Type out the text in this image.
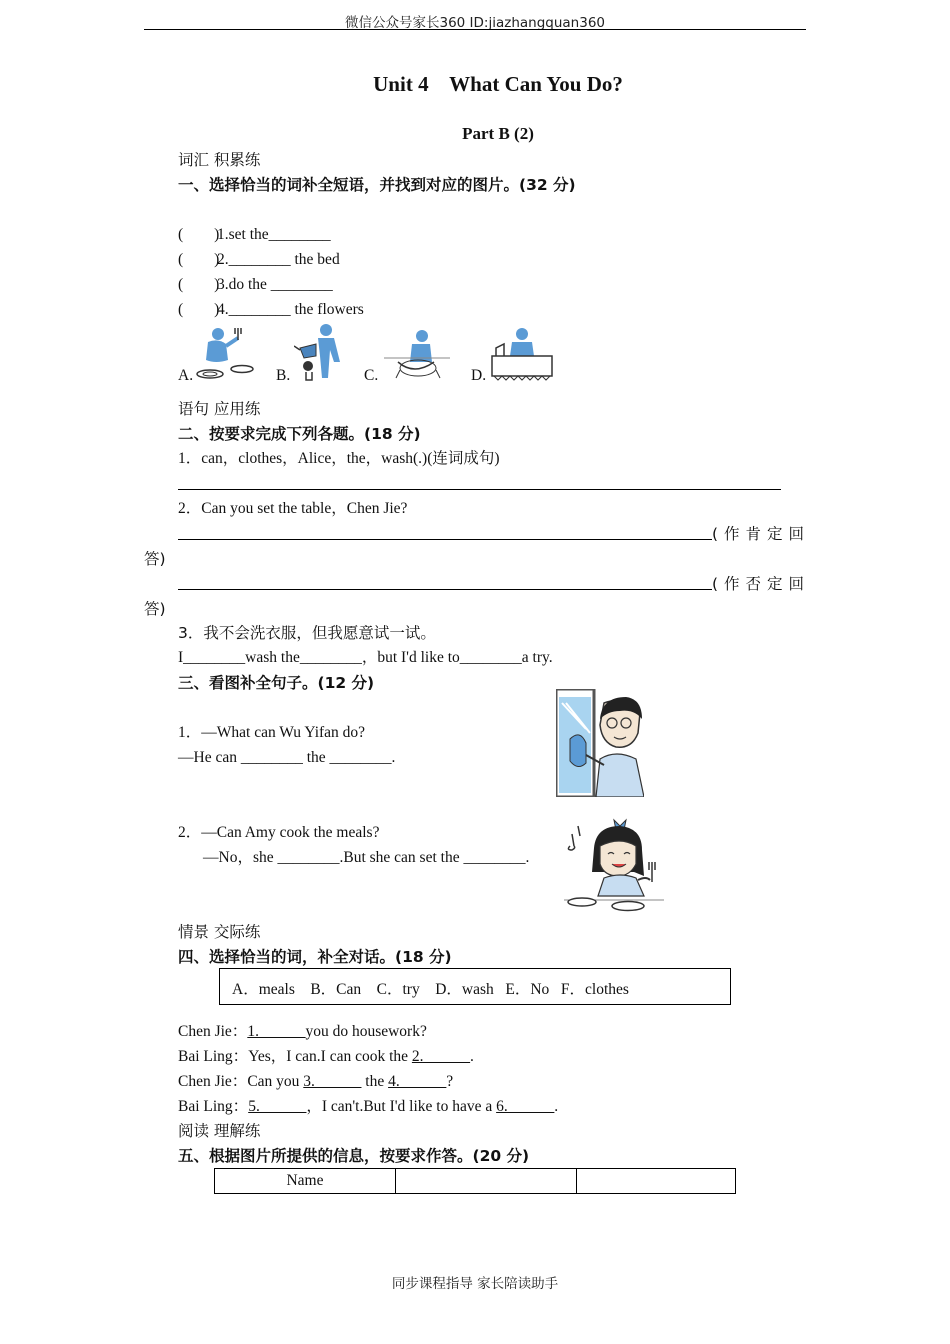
微信公众号家长360 ID:jiazhangquan360
Unit 4    What Can You Do?
Part B (2)
词汇 积累练
一、选择恰当的词补全短语，并找到对应的图片。(32 分)
(        )
1.set the________
(        )
2.________ the bed
(        )
3.do the ________
(        )
4.________ the flowers
A.	B.	C.	D.
语句 应用练
二、按要求完成下列各题。(18 分)
1．can，clothes，Alice，the，wash(.)(连词成句)
2．Can you set the table，Chen Jie?
(作肯定回
答)
(作否定回
答)
3．我不会洗衣服，但我愿意试一试。
I________wash the________，but I'd like to________a try.
三、看图补全句子。(12 分)
1．—What can Wu Yifan do?
—He can ________ the ________.
2．—Can Amy cook the meals?
—No，she ________.But she can set the ________.
情景 交际练
四、选择恰当的词，补全对话。(18 分)
A．meals    B．Can    C．try    D．wash   E．No   F．clothes
Chen Jie：1.______you do housework?
Bai Ling：Yes，I can.I can cook the 2.______.
Chen Jie：Can you 3.______ the 4.______?
Bai Ling：5.______，I can't.But I'd like to have a 6.______.
阅读 理解练
五、根据图片所提供的信息，按要求作答。(20 分)
Name		
同步课程指导 家长陪读助手
